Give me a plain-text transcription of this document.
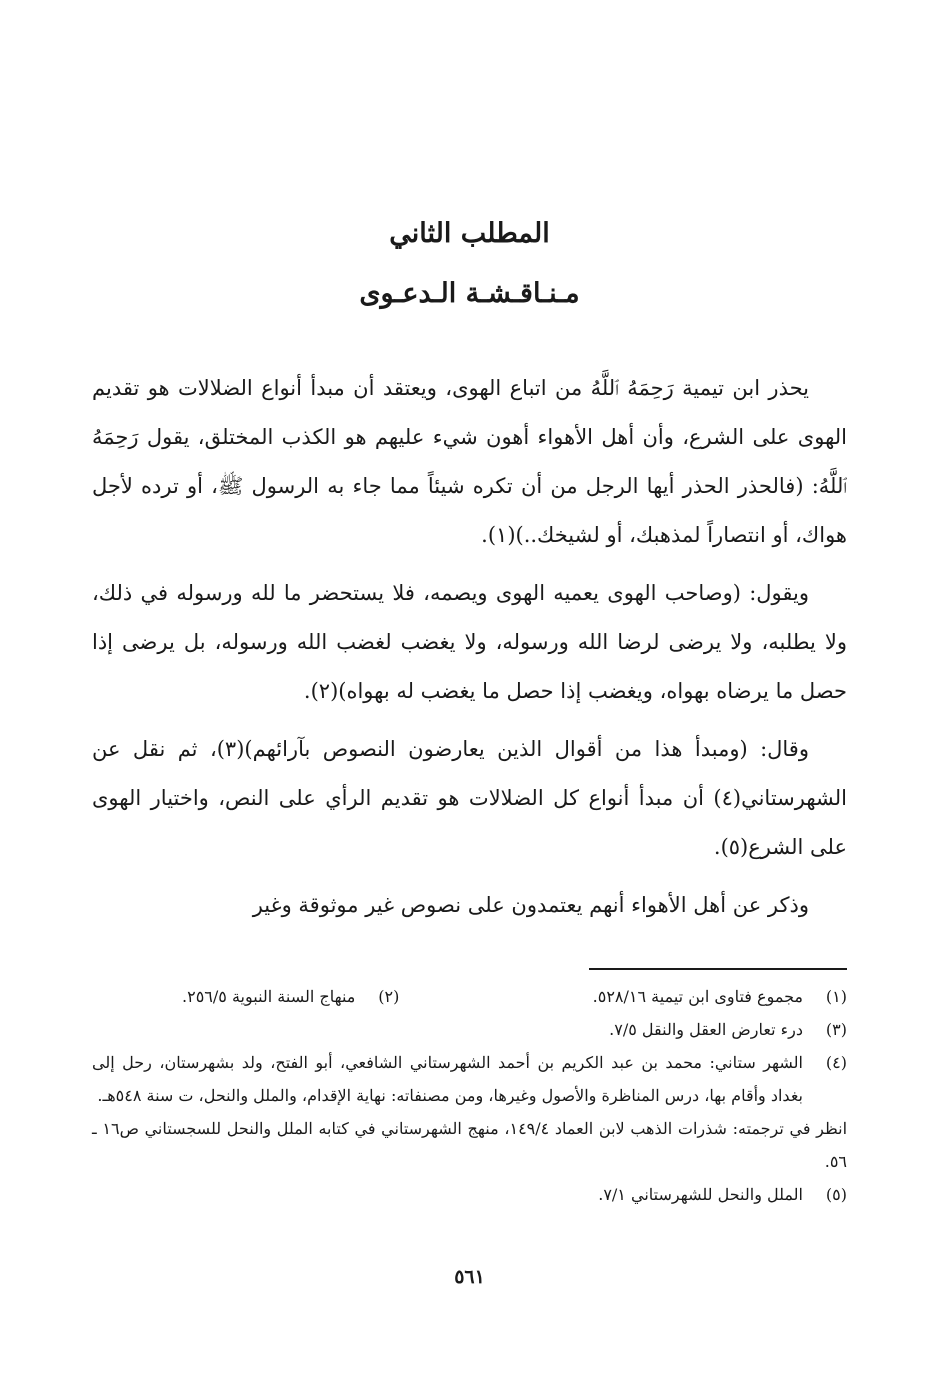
المطلب الثاني
مـنـاقـشـة الـدعـوى

يحذر ابن تيمية رَحِمَهُ ٱللَّهُ من اتباع الهوى، ويعتقد أن مبدأ أنواع الضلالات هو تقديم الهوى على الشرع، وأن أهل الأهواء أهون شيء عليهم هو الكذب المختلق، يقول رَحِمَهُ ٱللَّهُ: (فالحذر الحذر أيها الرجل من أن تكره شيئاً مما جاء به الرسول ﷺ، أو ترده لأجل هواك، أو انتصاراً لمذهبك، أو لشيخك..)(١).

ويقول: (وصاحب الهوى يعميه الهوى ويصمه، فلا يستحضر ما لله ورسوله في ذلك، ولا يطلبه، ولا يرضى لرضا الله ورسوله، ولا يغضب لغضب الله ورسوله، بل يرضى إذا حصل ما يرضاه بهواه، ويغضب إذا حصل ما يغضب له بهواه)(٢).

وقال: (ومبدأ هذا من أقوال الذين يعارضون النصوص بآرائهم)(٣)، ثم نقل عن الشهرستاني(٤) أن مبدأ أنواع كل الضلالات هو تقديم الرأي على النص، واختيار الهوى على الشرع(٥).

وذكر عن أهل الأهواء أنهم يعتمدون على نصوص غير موثوقة وغير

(١)
مجموع فتاوى ابن تيمية ٥٢٨/١٦.
(٢)
منهاج السنة النبوية ٢٥٦/٥.
(٣)
درء تعارض العقل والنقل ٧/٥.
(٤)
الشهر ستاني: محمد بن عبد الكريم بن أحمد الشهرستاني الشافعي، أبو الفتح، ولد بشهرستان، رحل إلى بغداد وأقام بها، درس المناظرة والأصول وغيرها، ومن مصنفاته: نهاية الإقدام، والملل والنحل، ت سنة ٥٤٨هـ.
انظر في ترجمته: شذرات الذهب لابن العماد ١٤٩/٤، منهج الشهرستاني في كتابه الملل والنحل للسجستاني ص١٦ ـ ٥٦.
(٥)
الملل والنحل للشهرستاني ٧/١.
٥٦١
